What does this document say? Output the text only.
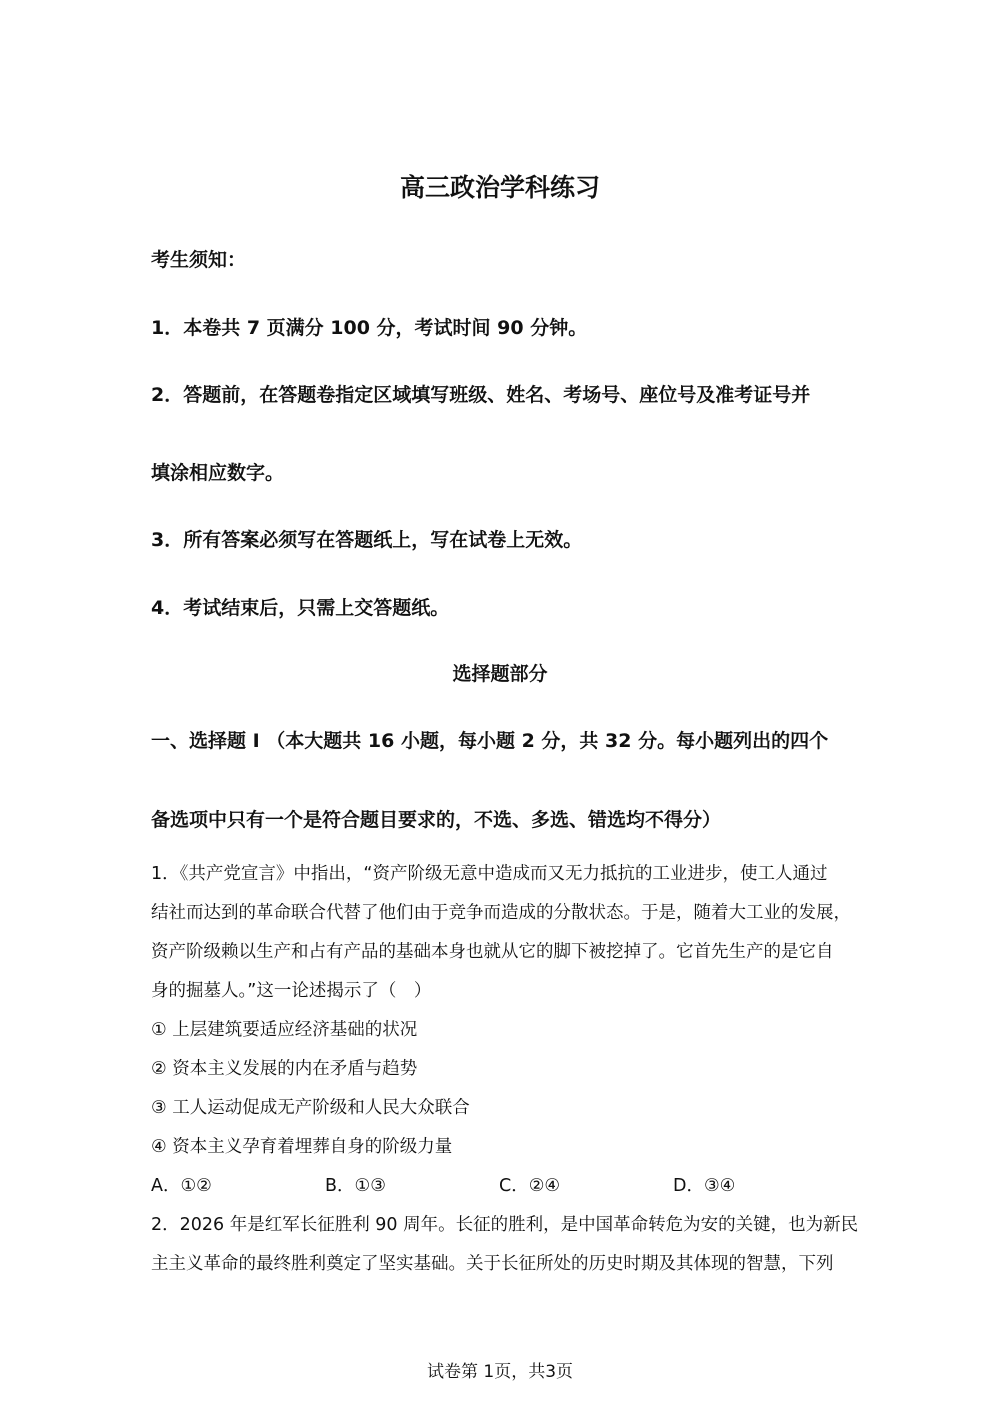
高三政治学科练习
考生须知：
1．本卷共 7 页满分 100 分，考试时间 90 分钟。
2．答题前，在答题卷指定区域填写班级、姓名、考场号、座位号及准考证号并
填涂相应数字。
3．所有答案必须写在答题纸上，写在试卷上无效。
4．考试结束后，只需上交答题纸。
选择题部分
一、选择题 I （本大题共 16 小题，每小题 2 分，共 32 分。每小题列出的四个
备选项中只有一个是符合题目要求的，不选、多选、错选均不得分）
1．《共产党宣言》中指出，“资产阶级无意中造成而又无力抵抗的工业进步，使工人通过
结社而达到的革命联合代替了他们由于竞争而造成的分散状态。于是，随着大工业的发展，
资产阶级赖以生产和占有产品的基础本身也就从它的脚下被挖掉了。它首先生产的是它自
身的掘墓人。”这一论述揭示了（　）
① 上层建筑要适应经济基础的状况
② 资本主义发展的内在矛盾与趋势
③ 工人运动促成无产阶级和人民大众联合
④ 资本主义孕育着埋葬自身的阶级力量
A．①②	B．①③	C．②④	D．③④
2．2026 年是红军长征胜利 90 周年。长征的胜利，是中国革命转危为安的关键，也为新民
主主义革命的最终胜利奠定了坚实基础。关于长征所处的历史时期及其体现的智慧，下列
试卷第 1页，共3页
